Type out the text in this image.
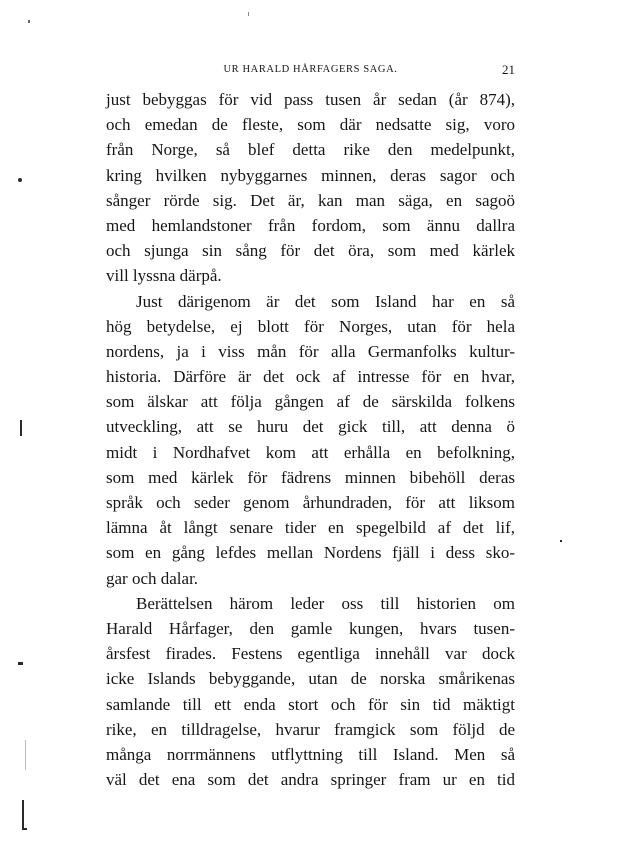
UR HARALD HÅRFAGERS SAGA.	21
just bebyggas för vid pass tusen år sedan (år 874),
och emedan de fleste, som där nedsatte sig, voro
från Norge, så blef detta rike den medelpunkt,
kring hvilken nybyggarnes minnen, deras sagor och
sånger rörde sig. Det är, kan man säga, en sagoö
med hemlandstoner från fordom, som ännu dallra
och sjunga sin sång för det öra, som med kärlek
vill lyssna därpå.
Just därigenom är det som Island har en så
hög betydelse, ej blott för Norges, utan för hela
nordens, ja i viss mån för alla Germanfolks kultur-
historia. Därföre är det ock af intresse för en hvar,
som älskar att följa gången af de särskilda folkens
utveckling, att se huru det gick till, att denna ö
midt i Nordhafvet kom att erhålla en befolkning,
som med kärlek för fädrens minnen bibehöll deras
språk och seder genom århundraden, för att liksom
lämna åt långt senare tider en spegelbild af det lif,
som en gång lefdes mellan Nordens fjäll i dess sko-
gar och dalar.
Berättelsen härom leder oss till historien om
Harald Hårfager, den gamle kungen, hvars tusen-
årsfest firades. Festens egentliga innehåll var dock
icke Islands bebyggande, utan de norska smårikenas
samlande till ett enda stort och för sin tid mäktigt
rike, en tilldragelse, hvarur framgick som följd de
många norrmännens utflyttning till Island. Men så
väl det ena som det andra springer fram ur en tid
